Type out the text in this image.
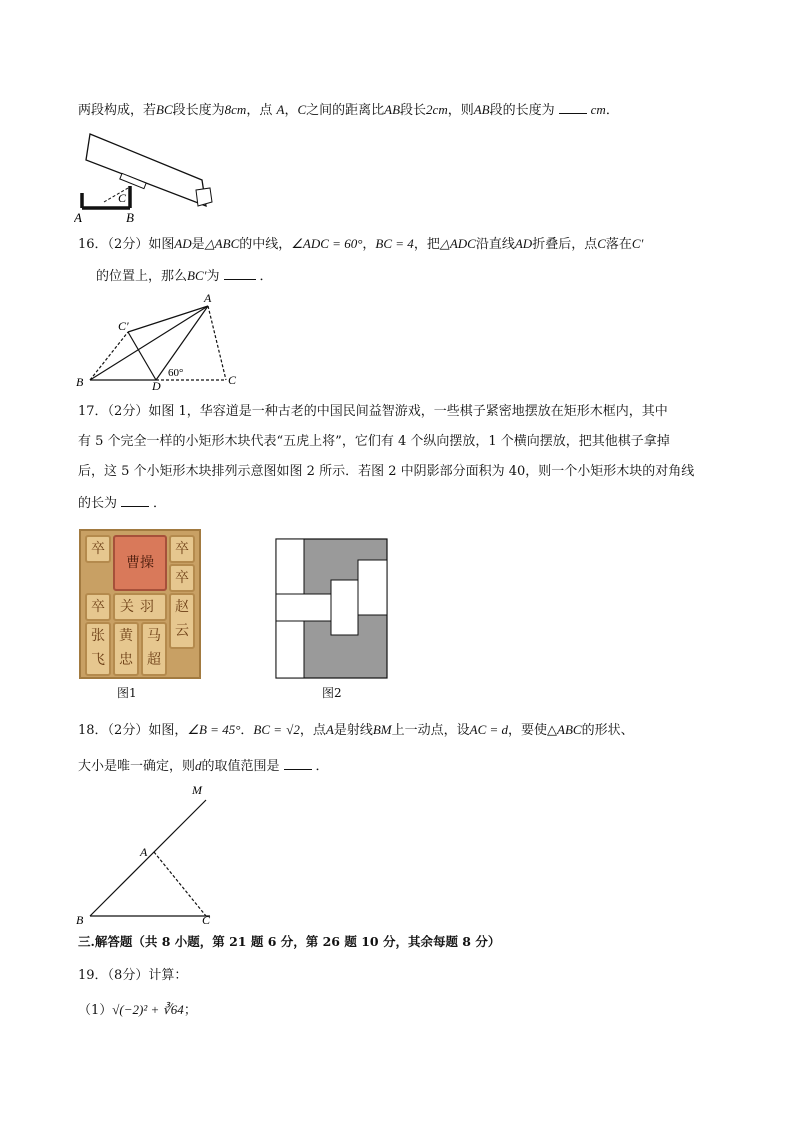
两段构成，若BC段长度为8cm，点 A，C之间的距离比AB段长2cm，则AB段的长度为	cm．
A	B
C
16．（2分）如图AD是△ABC的中线，∠ADC = 60°，BC = 4，把△ADC沿直线AD折叠后，点C落在C′
的位置上，那么BC′为	．
A
B	C
D
C′
60°
17．（2分）如图 1，华容道是一种古老的中国民间益智游戏，一些棋子紧密地摆放在矩形木框内，其中
有 5 个完全一样的小矩形木块代表“五虎上将”，它们有 4 个纵向摆放，1 个横向摆放，把其他棋子拿掉
后，这 5 个小矩形木块排列示意图如图 2 所示．若图 2 中阴影部分面积为 40，则一个小矩形木块的对角线
的长为	．
卒
曹操
卒
卒
卒	关羽	赵
云
张
飞
黄
忠
马
超
图1	图2
18．（2分）如图，∠B = 45°．BC = √2，点A是射线BM上一动点，设AC = d，要使△ABC的形状、
大小是唯一确定，则d的取值范围是	．
M
A
B	C
三.解答题（共 8 小题，第 21 题 6 分，第 26 题 10 分，其余每题 8 分）
19．（8分）计算：
（1）√(−2)² + ∛64；
